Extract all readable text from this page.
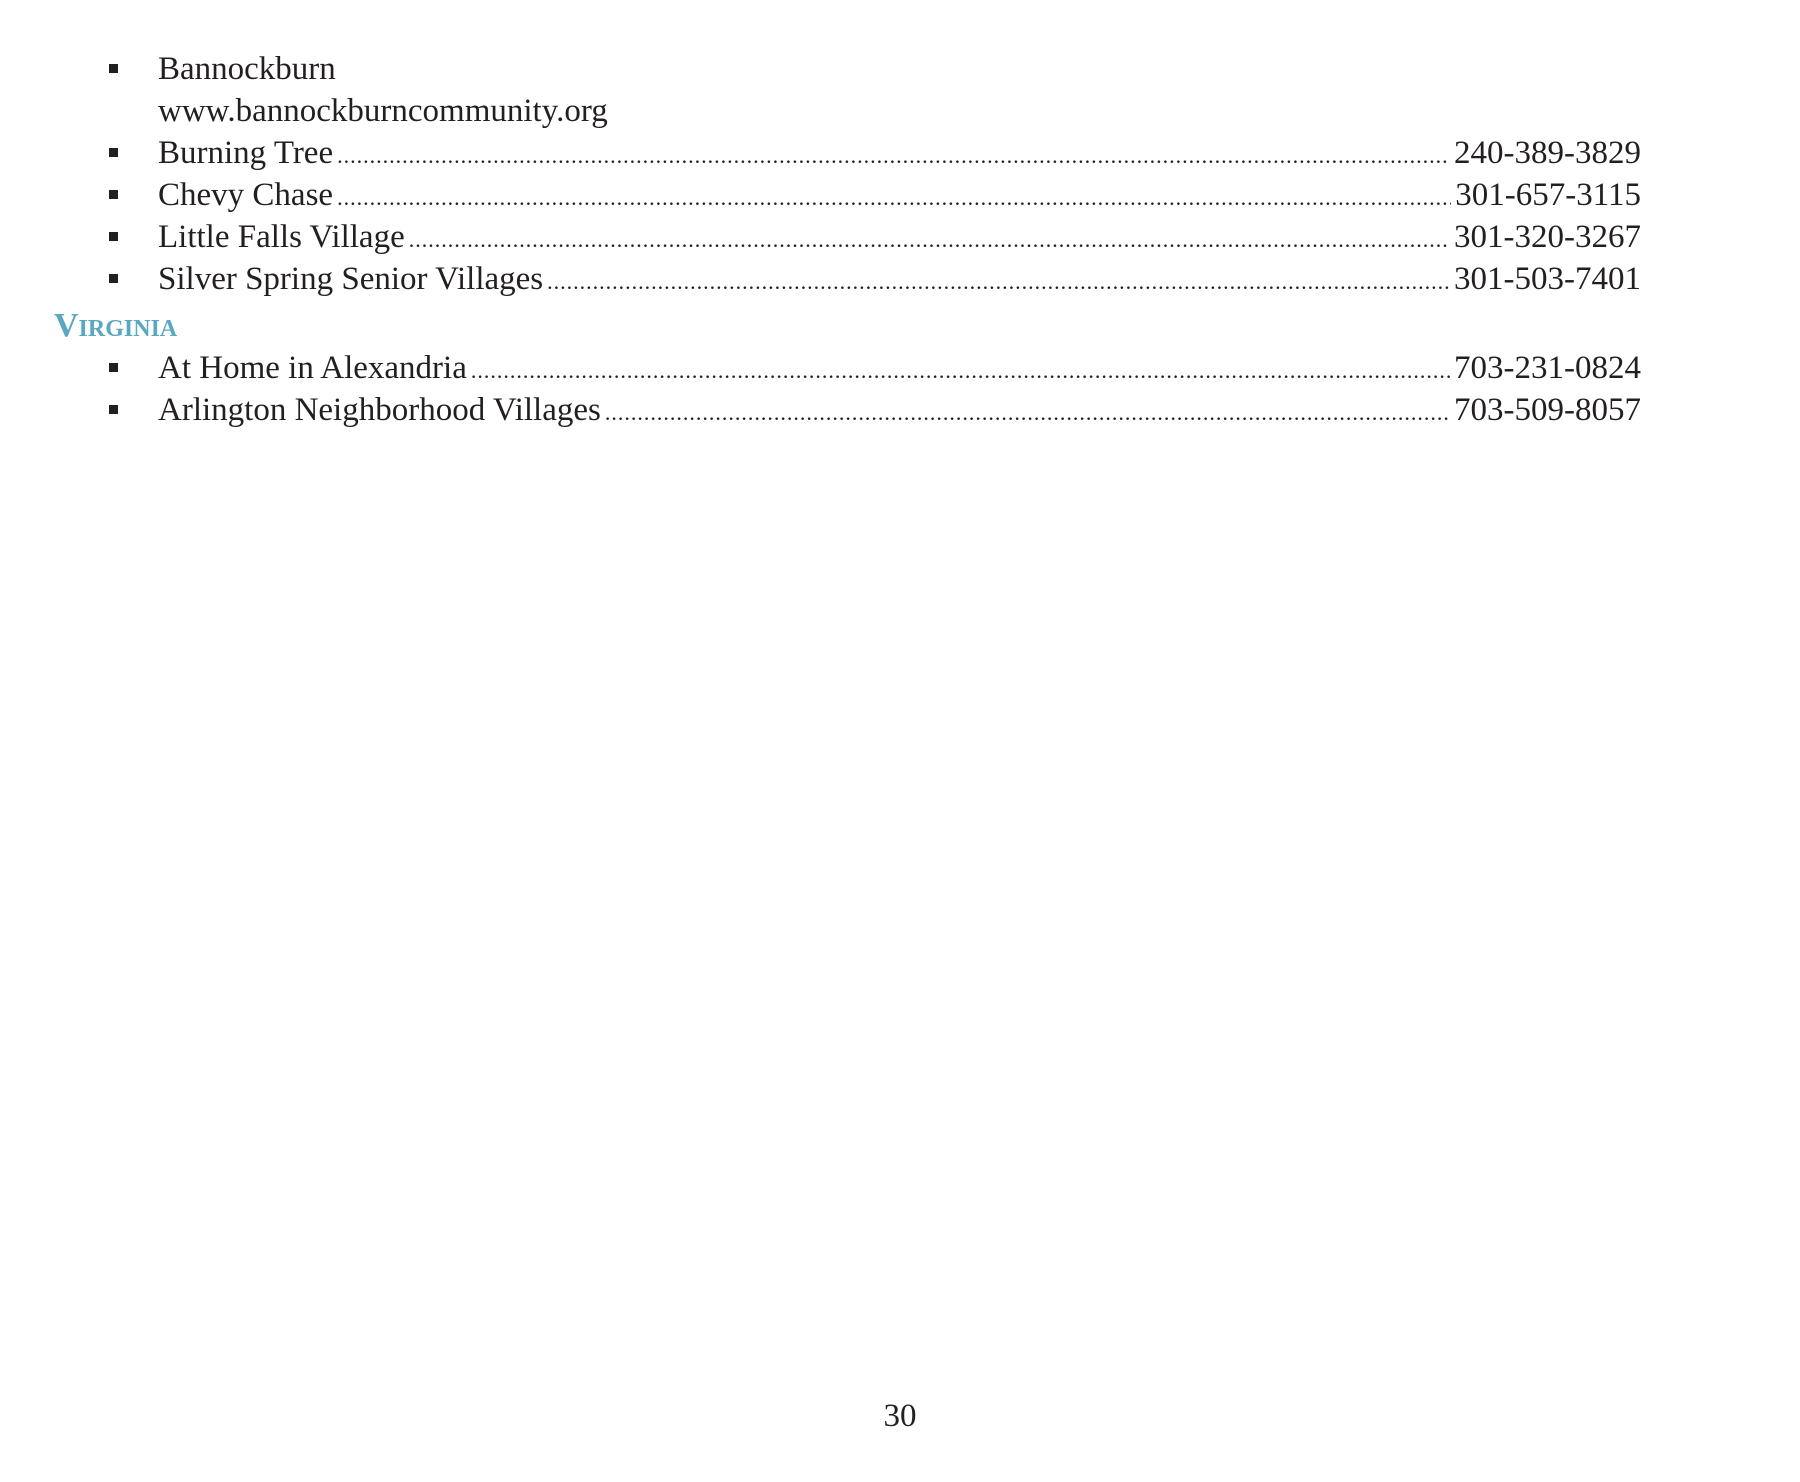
Bannockburn
www.bannockburncommunity.org
Burning Tree .....	240-389-3829
Chevy Chase .....	301-657-3115
Little Falls Village .....	301-320-3267
Silver Spring Senior Villages .....	301-503-7401
Virginia
At Home in Alexandria .....	703-231-0824
Arlington Neighborhood Villages .....	703-509-8057
30
